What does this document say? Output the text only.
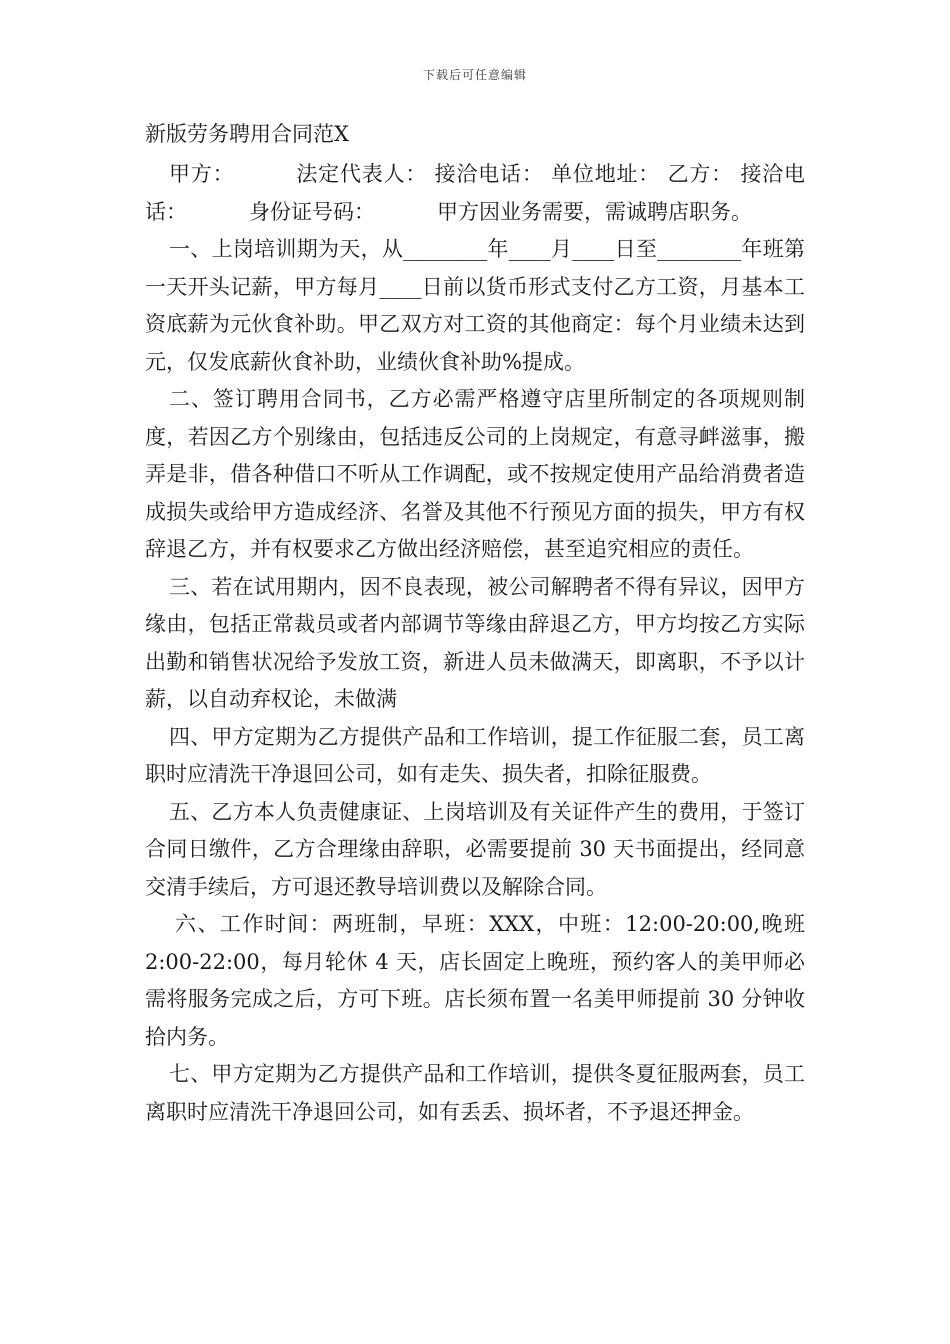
下载后可任意编辑
新版劳务聘用合同范X

甲方：	法定代表人： 接洽电话： 单位地址： 乙方： 接洽电话：	身份证号码：	甲方因业务需要，需诚聘店职务。

一、上岗培训期为天，从________年____月____日至________年班第一天开头记薪，甲方每月____日前以货币形式支付乙方工资，月基本工资底薪为元伙食补助。甲乙双方对工资的其他商定：每个月业绩未达到元，仅发底薪伙食补助，业绩伙食补助%提成。

二、签订聘用合同书，乙方必需严格遵守店里所制定的各项规则制度，若因乙方个别缘由，包括违反公司的上岗规定，有意寻衅滋事，搬弄是非，借各种借口不听从工作调配，或不按规定使用产品给消费者造成损失或给甲方造成经济、名誉及其他不行预见方面的损失，甲方有权辞退乙方，并有权要求乙方做出经济赔偿，甚至追究相应的责任。

三、若在试用期内，因不良表现，被公司解聘者不得有异议，因甲方缘由，包括正常裁员或者内部调节等缘由辞退乙方，甲方均按乙方实际出勤和销售状况给予发放工资，新进人员未做满天，即离职，不予以计薪，以自动弃权论，未做满

四、甲方定期为乙方提供产品和工作培训，提工作征服二套，员工离职时应清洗干净退回公司，如有走失、损失者，扣除征服费。

五、乙方本人负责健康证、上岗培训及有关证件产生的费用，于签订合同日缴件，乙方合理缘由辞职，必需要提前 30 天书面提出，经同意交清手续后，方可退还教导培训费以及解除合同。

六、工作时间：两班制，早班：XXX，中班：12:00-20:00,晚班 2:00-22:00，每月轮休 4 天，店长固定上晚班，预约客人的美甲师必需将服务完成之后，方可下班。店长须布置一名美甲师提前 30 分钟收拾内务。

七、甲方定期为乙方提供产品和工作培训，提供冬夏征服两套，员工离职时应清洗干净退回公司，如有丢丢、损坏者，不予退还押金。
